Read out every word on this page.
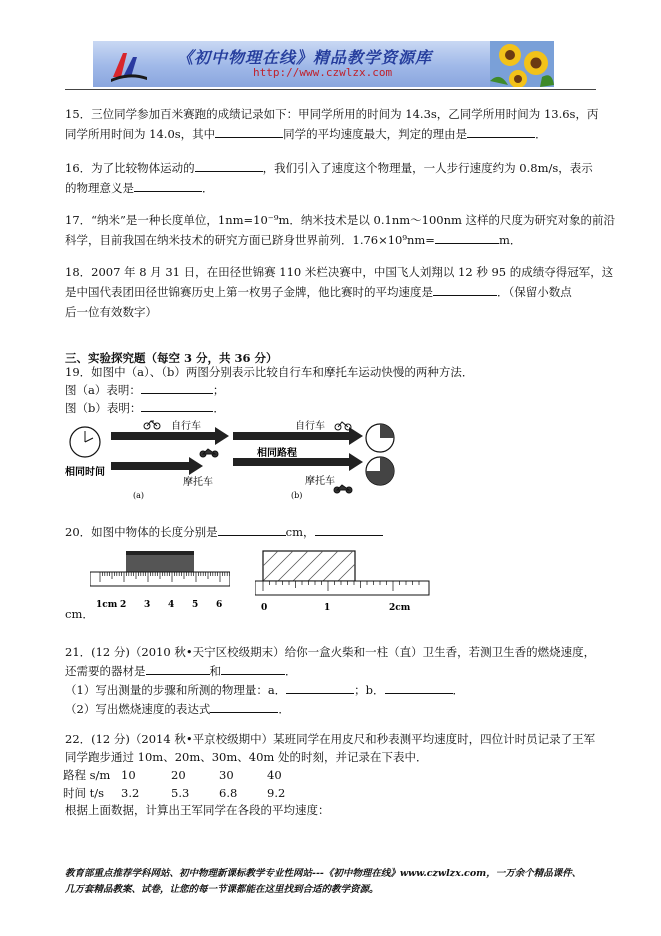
《初中物理在线》精品教学资源库
http://www.czwlzx.com
15．三位同学参加百米赛跑的成绩记录如下：甲同学所用的时间为 14.3s，乙同学所用时间为 13.6s，丙
同学所用时间为 14.0s，其中	同学的平均速度最大，判定的理由是	．
16．为了比较物体运动的	，我们引入了速度这个物理量，一人步行速度约为 0.8m/s，表示
的物理意义是	．
17．“纳米”是一种长度单位，1nm=10⁻⁹m．纳米技术是以 0.1nm～100nm 这样的尺度为研究对象的前沿
科学，目前我国在纳米技术的研究方面已跻身世界前列．1.76×10⁹nm=	m．
18．2007 年 8 月 31 日，在田径世锦赛 110 米栏决赛中，中国飞人刘翔以 12 秒 95 的成绩夺得冠军，这
是中国代表团田径世锦赛历史上第一枚男子金牌，他比赛时的平均速度是	．（保留小数点
后一位有效数字）
三、实验探究题（每空 3 分，共 36 分）
19．如图中（a）、（b）两图分别表示比较自行车和摩托车运动快慢的两种方法．
图（a）表明：	；
图（b）表明：	．
自行车
摩托车
相同时间
(a)
自行车
相同路程
摩托车
(b)
20．如图中物体的长度分别是	cm，
1cm 2 3 4 5 6	0	1	2cm
cm．
21．(12 分)（2010 秋•天宁区校级期末）给你一盒火柴和一柱（直）卫生香，若测卫生香的燃烧速度，
还需要的器材是	和	．
（1）写出测量的步骤和所测的物理量：a．	；b．	．
（2）写出燃烧速度的表达式	．
22．(12 分)（2014 秋•平京校级期中）某班同学在用皮尺和秒表测平均速度时，四位计时员记录了王军
同学跑步通过 10m、20m、30m、40m 处的时刻，并记录在下表中．
路程 s/m	10	20	30	40
时间 t/s	3.2	5.3	6.8	9.2
根据上面数据，计算出王军同学在各段的平均速度：
教育部重点推荐学科网站、初中物理新课标教学专业性网站---《初中物理在线》www.czwlzx.com，一万余个精品课件、
几万套精品教案、试卷，让您的每一节课都能在这里找到合适的教学资源。
